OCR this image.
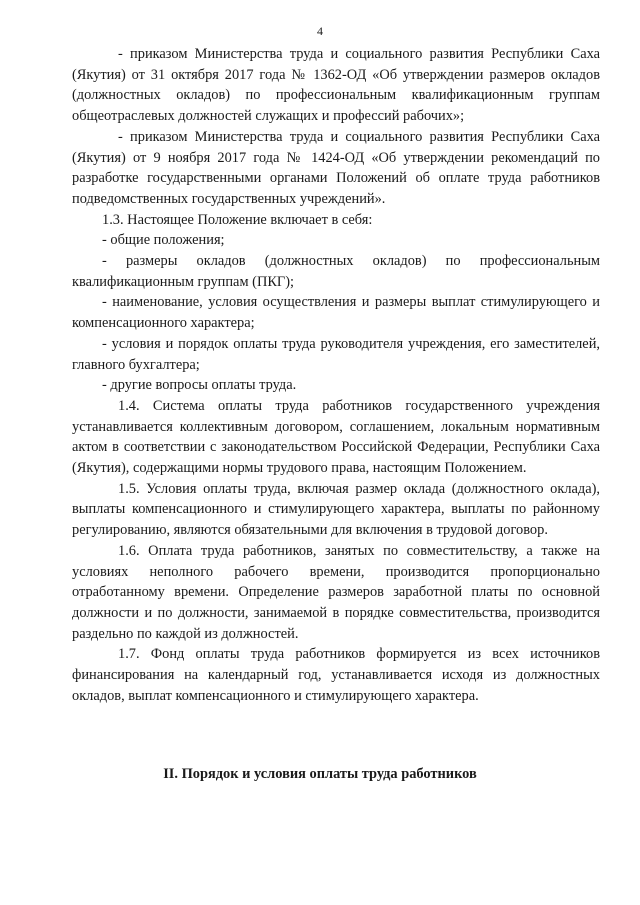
4

- приказом Министерства труда и социального развития Республики Саха (Якутия) от 31 октября 2017 года № 1362-ОД «Об утверждении размеров окладов (должностных окладов) по профессиональным квалификационным группам общеотраслевых должностей служащих и профессий рабочих»;

- приказом Министерства труда и социального развития Республики Саха (Якутия) от 9 ноября 2017 года № 1424-ОД «Об утверждении рекомендаций по разработке государственными органами Положений об оплате труда работников подведомственных государственных учреждений».

1.3. Настоящее Положение включает в себя:

- общие положения;

- размеры окладов (должностных окладов) по профессиональным квалификационным группам (ПКГ);

- наименование, условия осуществления и размеры выплат стимулирующего и компенсационного характера;

- условия и порядок оплаты труда руководителя учреждения, его заместителей, главного бухгалтера;

- другие вопросы оплаты труда.

1.4. Система оплаты труда работников государственного учреждения устанавливается коллективным договором, соглашением, локальным нормативным актом в соответствии с законодательством Российской Федерации, Республики Саха (Якутия), содержащими нормы трудового права, настоящим Положением.

1.5. Условия оплаты труда, включая размер оклада (должностного оклада), выплаты компенсационного и стимулирующего характера, выплаты по районному регулированию, являются обязательными для включения в трудовой договор.

1.6. Оплата труда работников, занятых по совместительству, а также на условиях неполного рабочего времени, производится пропорционально отработанному времени. Определение размеров заработной платы по основной должности и по должности, занимаемой в порядке совместительства, производится раздельно по каждой из должностей.

1.7. Фонд оплаты труда работников формируется из всех источников финансирования на календарный год, устанавливается исходя из должностных окладов, выплат компенсационного и стимулирующего характера.

II. Порядок и условия оплаты труда работников
